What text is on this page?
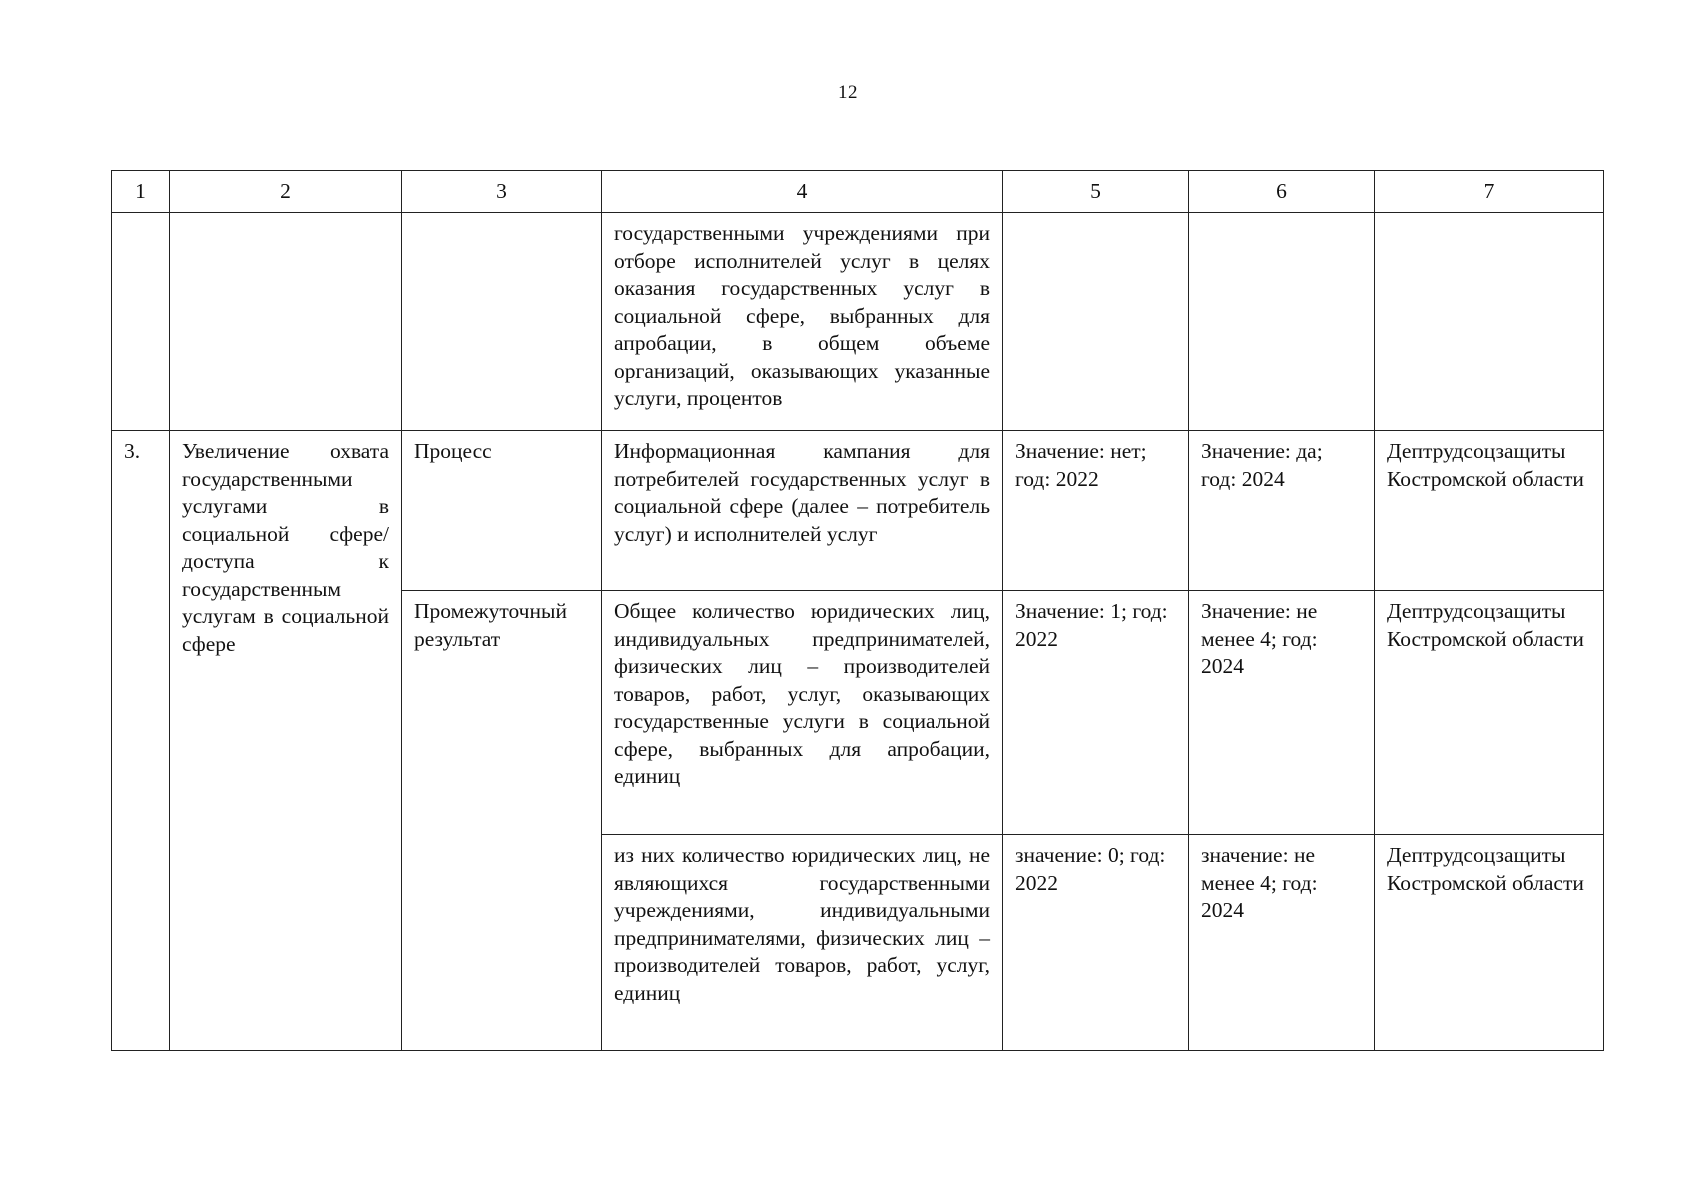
12
1	2	3	4	5	6	7
			государственными учреждениями при отборе исполнителей услуг в целях оказания государственных услуг в социальной сфере, выбранных для апробации, в общем объеме организаций, оказывающих указанные услуги, процентов			
3.	Увеличение охвата государственными услугами в социальной сфере/доступа к государственным услугам в социальной сфере	Процесс	Информационная кампания для потребителей государственных услуг в социальной сфере (далее – потребитель услуг) и исполнителей услуг	Значение: нет; год: 2022	Значение: да; год: 2024	Дептрудсоцзащиты Костромской области
		Промежуточный результат	Общее количество юридических лиц, индивидуальных предпринимателей, физических лиц – производителей товаров, работ, услуг, оказывающих государственные услуги в социальной сфере, выбранных для апробации, единиц	Значение: 1; год: 2022	Значение: не менее 4; год: 2024	Дептрудсоцзащиты Костромской области
			из них количество юридических лиц, не являющихся государственными учреждениями, индивидуальными предпринимателями, физических лиц – производителей товаров, работ, услуг, единиц	значение: 0; год: 2022	значение: не менее 4; год: 2024	Дептрудсоцзащиты Костромской области
